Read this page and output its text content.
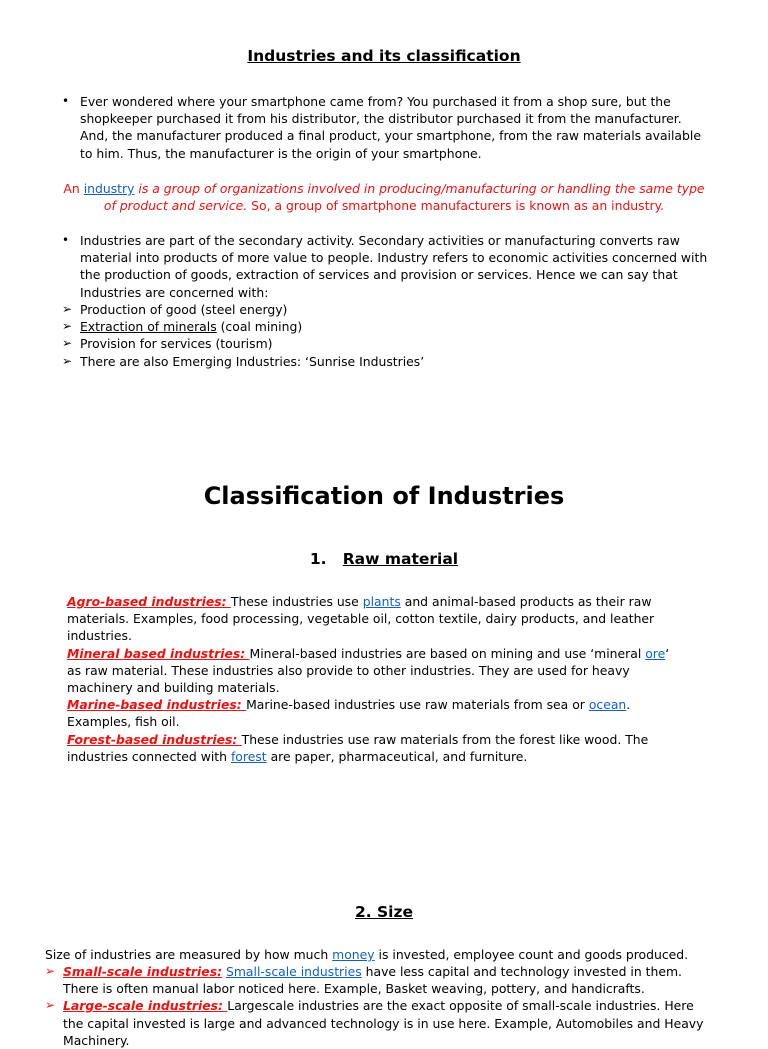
Industries and its classification
• Ever wondered where your smartphone came from? You purchased it from a shop sure, but the shopkeeper purchased it from his distributor, the distributor purchased it from the manufacturer. And, the manufacturer produced a final product, your smartphone, from the raw materials available to him. Thus, the manufacturer is the origin of your smartphone.

An industry is a group of organizations involved in producing/manufacturing or handling the same type of product and service. So, a group of smartphone manufacturers is known as an industry.
• Industries are part of the secondary activity. Secondary activities or manufacturing converts raw material into products of more value to people. Industry refers to economic activities concerned with the production of goods, extraction of services and provision or services. Hence we can say that Industries are concerned with:

➢ Production of good (steel energy)
➢ Extraction of minerals (coal mining)
➢ Provision for services (tourism)
➢ There are also Emerging Industries: ‘Sunrise Industries’
Classification of Industries
1. Raw material

Agro-based industries: These industries use plants and animal-based products as their raw materials. Examples, food processing, vegetable oil, cotton textile, dairy products, and leather industries.

Mineral based industries: Mineral-based industries are based on mining and use ‘mineral ore‘ as raw material. These industries also provide to other industries. They are used for heavy machinery and building materials.

Marine-based industries: Marine-based industries use raw materials from sea or ocean. Examples, fish oil.

Forest-based industries: These industries use raw materials from the forest like wood. The industries connected with forest are paper, pharmaceutical, and furniture.

2. Size
Size of industries are measured by how much money is invested, employee count and goods produced.
➢ Small-scale industries: Small-scale industries have less capital and technology invested in them. There is often manual labor noticed here. Example, Basket weaving, pottery, and handicrafts.
➢ Large-scale industries: Largescale industries are the exact opposite of small-scale industries. Here the capital invested is large and advanced technology is in use here. Example, Automobiles and Heavy Machinery.
